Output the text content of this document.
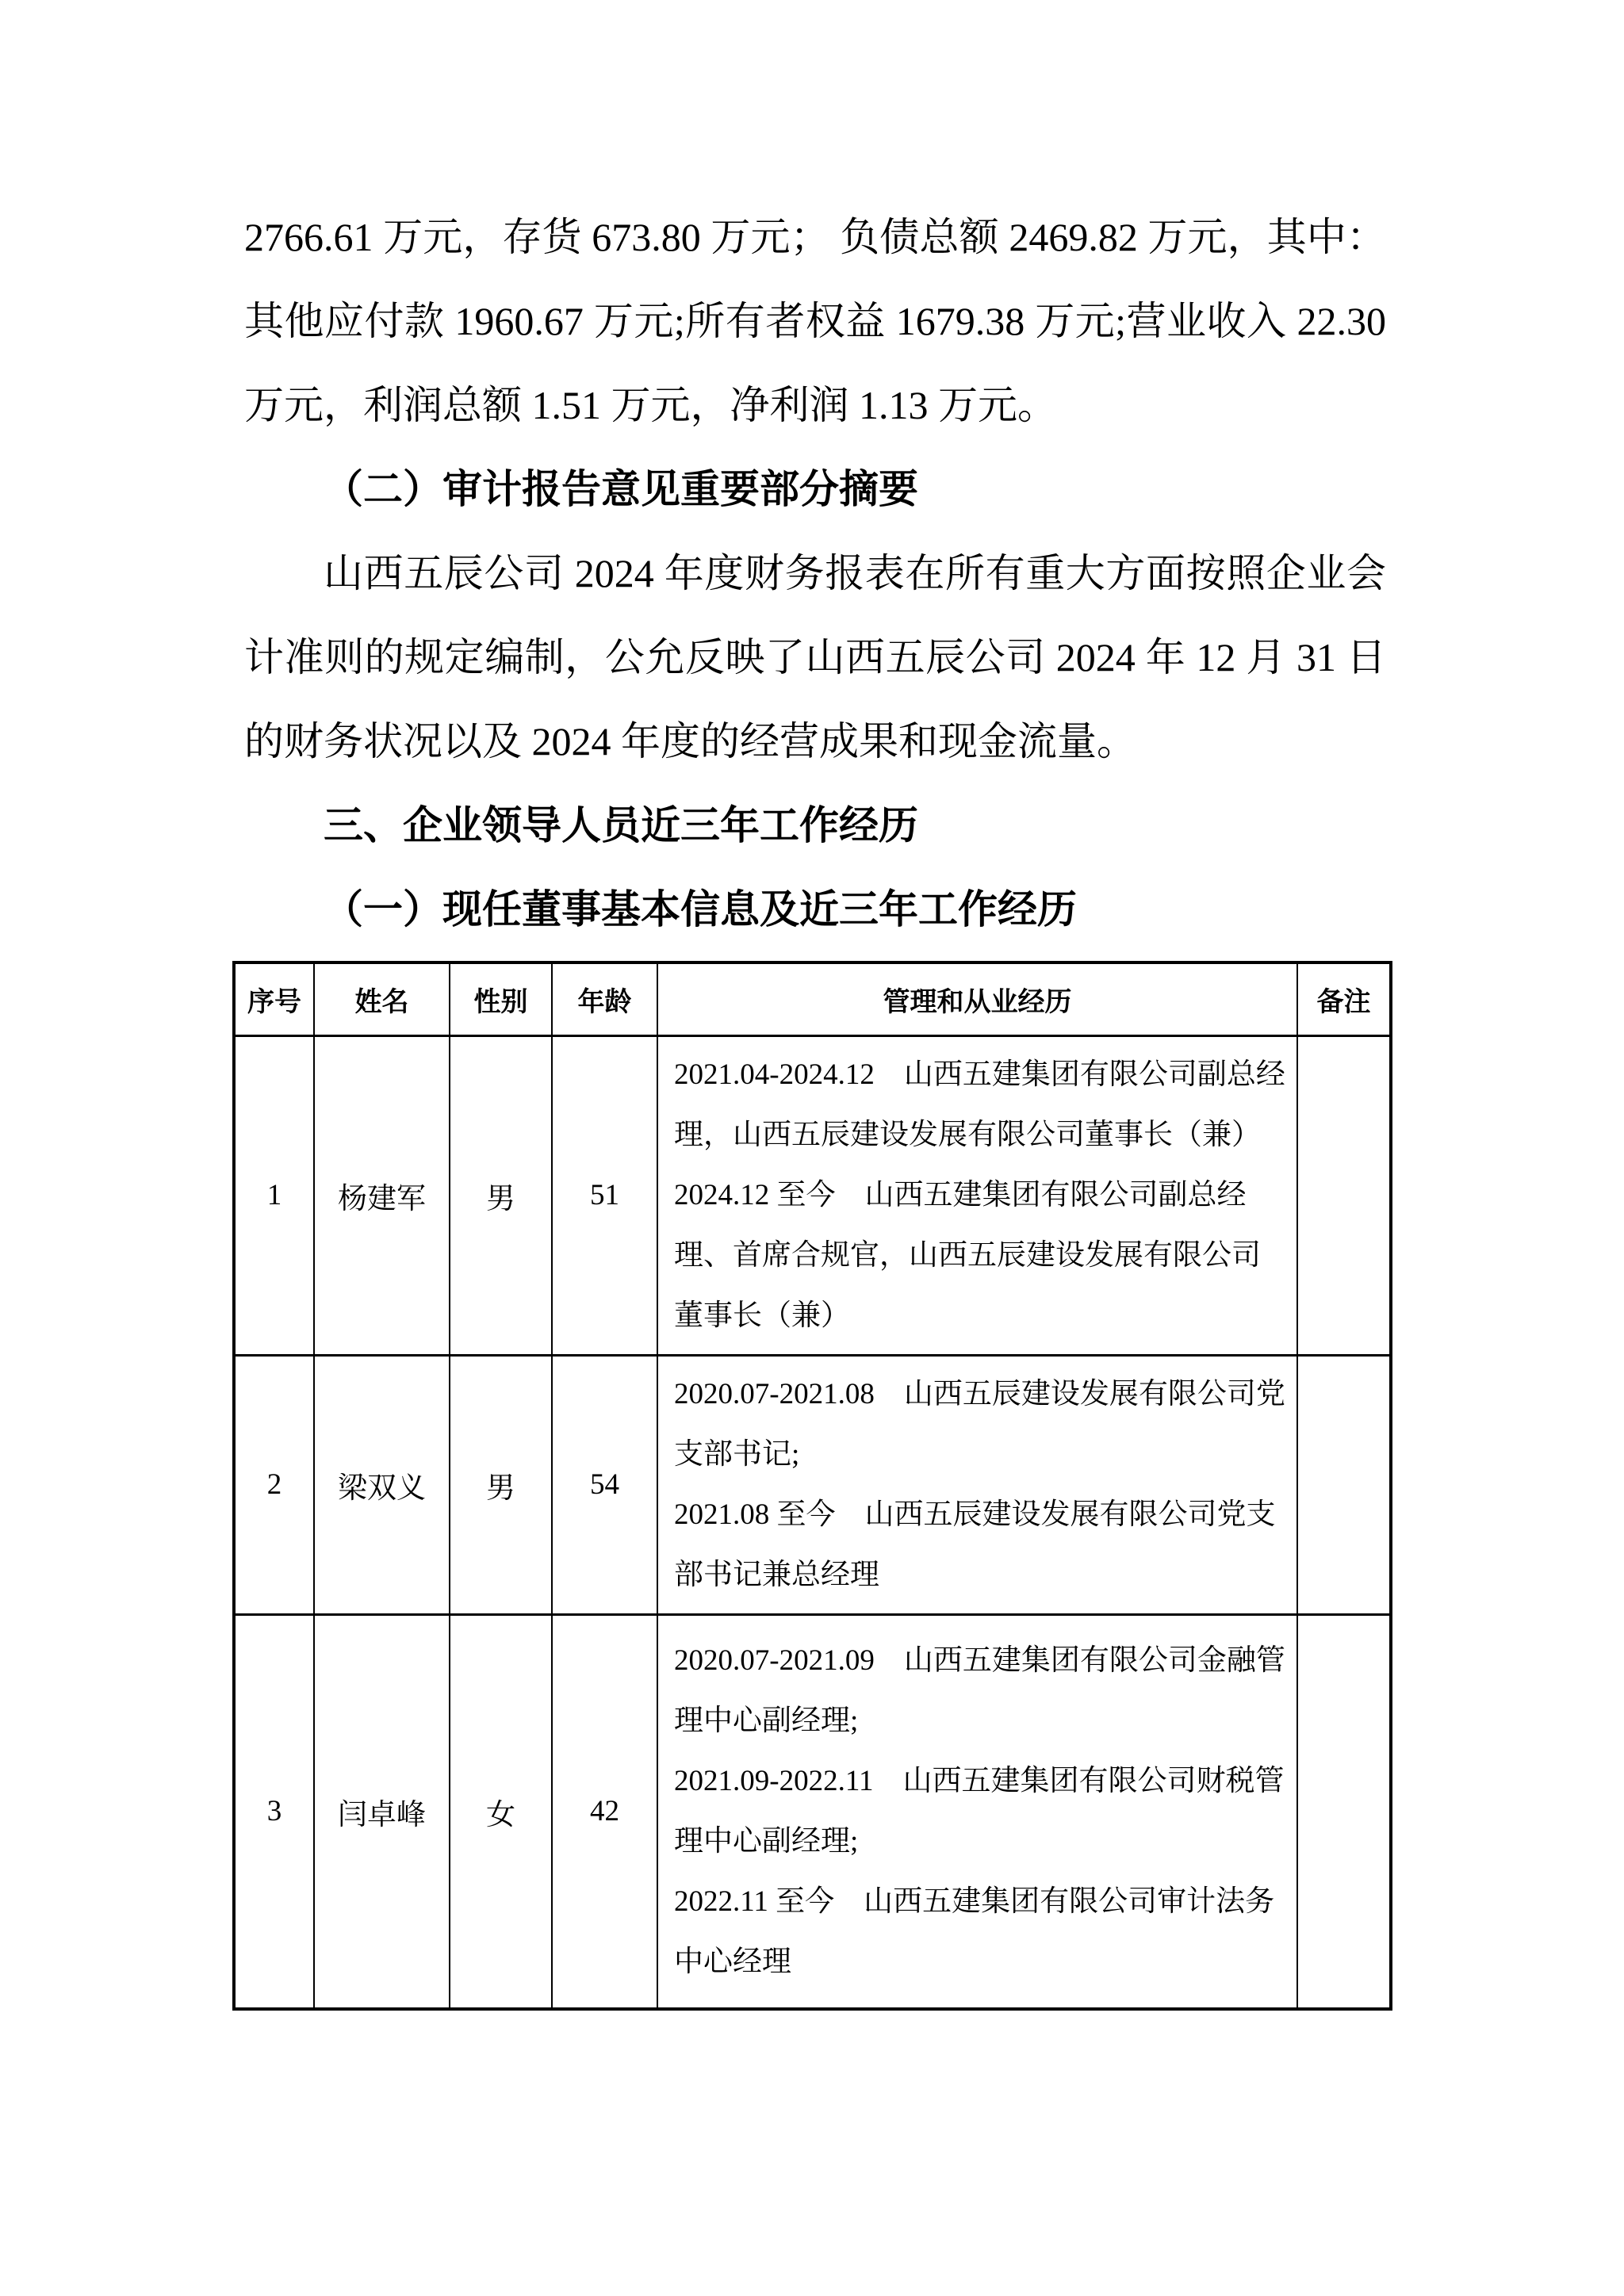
2766.61 万元，存货 673.80 万元； 负债总额 2469.82 万元，其中：其他应付款 1960.67 万元;所有者权益 1679.38 万元;营业收入 22.30 万元，利润总额 1.51 万元，净利润 1.13 万元。

（二）审计报告意见重要部分摘要

山西五辰公司 2024 年度财务报表在所有重大方面按照企业会计准则的规定编制，公允反映了山西五辰公司 2024 年 12 月 31 日的财务状况以及 2024 年度的经营成果和现金流量。

三、企业领导人员近三年工作经历

（一）现任董事基本信息及近三年工作经历

序号	姓名	性别	年龄	管理和从业经历	备注
1	杨建军	男	51	2021.04-2024.12　山西五建集团有限公司副总经理，山西五辰建设发展有限公司董事长（兼）

2024.12 至今　山西五建集团有限公司副总经理、首席合规官，山西五辰建设发展有限公司董事长（兼）	

2	梁双义	男	54	2020.07-2021.08　山西五辰建设发展有限公司党支部书记;

2021.08 至今　山西五辰建设发展有限公司党支部书记兼总经理	

3	闫卓峰	女	42	2020.07-2021.09　山西五建集团有限公司金融管理中心副经理;

2021.09-2022.11　山西五建集团有限公司财税管理中心副经理;

2022.11 至今　山西五建集团有限公司审计法务中心经理	
